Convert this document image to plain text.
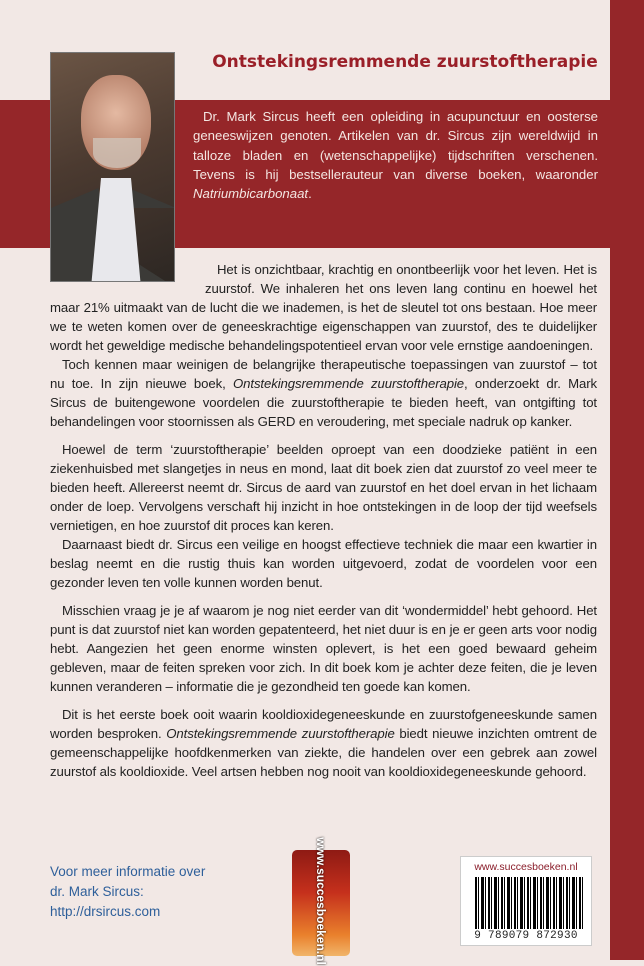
Ontstekingsremmende zuurstoftherapie

Dr. Mark Sircus heeft een opleiding in acupunctuur en oosterse geneeswijzen genoten. Artikelen van dr. Sircus zijn wereldwijd in talloze bladen en (wetenschappelijke) tijdschriften verschenen. Tevens is hij bestsellerauteur van diverse boeken, waaronder Natriumbicarbonaat.

Het is onzichtbaar, krachtig en onontbeerlijk voor het leven. Het is zuurstof. We inhaleren het ons leven lang continu en hoewel het maar 21% uitmaakt van de lucht die we inademen, is het de sleutel tot ons bestaan. Hoe meer we te weten komen over de geneeskrachtige eigenschappen van zuurstof, des te duidelijker wordt het geweldige medische behandelingspotentieel ervan voor vele ernstige aandoeningen.

Toch kennen maar weinigen de belangrijke therapeutische toepassingen van zuurstof – tot nu toe. In zijn nieuwe boek, Ontstekingsremmende zuurstoftherapie, onderzoekt dr. Mark Sircus de buitengewone voordelen die zuurstoftherapie te bieden heeft, van ontgifting tot behandelingen voor stoornissen als GERD en veroudering, met speciale nadruk op kanker.

Hoewel de term ‘zuurstoftherapie’ beelden oproept van een doodzieke patiënt in een ziekenhuisbed met slangetjes in neus en mond, laat dit boek zien dat zuurstof zo veel meer te bieden heeft. Allereerst neemt dr. Sircus de aard van zuurstof en het doel ervan in het lichaam onder de loep. Vervolgens verschaft hij inzicht in hoe ontstekingen in de loop der tijd weefsels vernietigen, en hoe zuurstof dit proces kan keren.

Daarnaast biedt dr. Sircus een veilige en hoogst effectieve techniek die maar een kwartier in beslag neemt en die rustig thuis kan worden uitgevoerd, zodat de voordelen voor een gezonder leven ten volle kunnen worden benut.

Misschien vraag je je af waarom je nog niet eerder van dit ‘wondermiddel’ hebt gehoord. Het punt is dat zuurstof niet kan worden gepatenteerd, het niet duur is en je er geen arts voor nodig hebt. Aangezien het geen enorme winsten oplevert, is het een goed bewaard geheim gebleven, maar de feiten spreken voor zich. In dit boek kom je achter deze feiten, die je leven kunnen veranderen – informatie die je gezondheid ten goede kan komen.

Dit is het eerste boek ooit waarin kooldioxidegeneeskunde en zuurstofgeneeskunde samen worden besproken. Ontstekingsremmende zuurstoftherapie biedt nieuwe inzichten omtrent de gemeenschappelijke hoofdkenmerken van ziekte, die handelen over een gebrek aan zowel zuurstof als kooldioxide. Veel artsen hebben nog nooit van kooldioxidegeneeskunde gehoord.

Voor meer informatie over
dr. Mark Sircus:
http://drsircus.com	www.succesboeken.nl	www.succesboeken.nl
9 789079 872930
